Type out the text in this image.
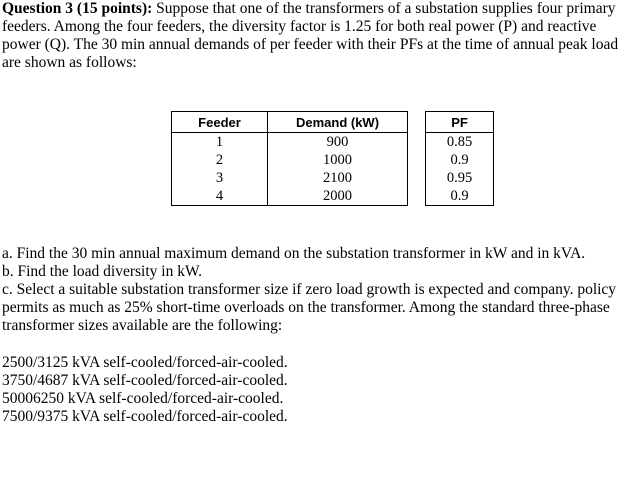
Question 3 (15 points): Suppose that one of the transformers of a substation supplies four primary feeders. Among the four feeders, the diversity factor is 1.25 for both real power (P) and reactive power (Q). The 30 min annual demands of per feeder with their PFs at the time of annual peak load are shown as follows:
Feeder	Demand (kW)		PF
1	900		0.85
2	1000		0.9
3	2100		0.95
4	2000		0.9

a. Find the 30 min annual maximum demand on the substation transformer in kW and in kVA.

b. Find the load diversity in kW.

c. Select a suitable substation transformer size if zero load growth is expected and company. policy permits as much as 25% short-time overloads on the transformer. Among the standard three-phase transformer sizes available are the following:

2500/3125 kVA self-cooled/forced-air-cooled.

3750/4687 kVA self-cooled/forced-air-cooled.

50006250 kVA self-cooled/forced-air-cooled.

7500/9375 kVA self-cooled/forced-air-cooled.
